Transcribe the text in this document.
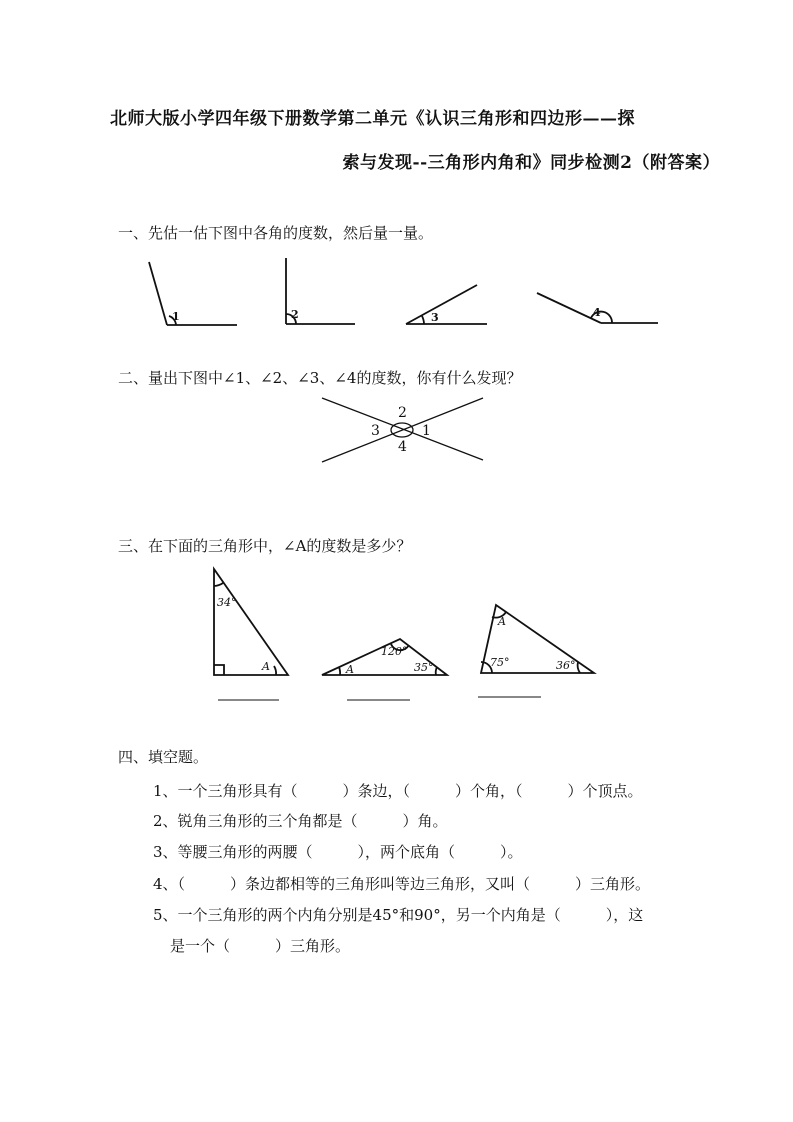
北师大版小学四年级下册数学第二单元《认识三角形和四边形——探
索与发现--三角形内角和》同步检测2（附答案）
一、先估一估下图中各角的度数，然后量一量。
1	2	3	4
2
1
3
4
34°
A
120°
35°
A
A
75°	36°
二、量出下图中∠1、∠2、∠3、∠4的度数，你有什么发现？
三、在下面的三角形中，∠A的度数是多少？
四、填空题。
1、一个三角形具有（　　　）条边，（　　　）个角，（　　　）个顶点。
2、锐角三角形的三个角都是（　　　）角。
3、等腰三角形的两腰（　　　），两个底角（　　　）。
4、（　　　）条边都相等的三角形叫等边三角形，又叫（　　　）三角形。
5、一个三角形的两个内角分别是45°和90°，另一个内角是（　　　），这
是一个（　　　）三角形。
